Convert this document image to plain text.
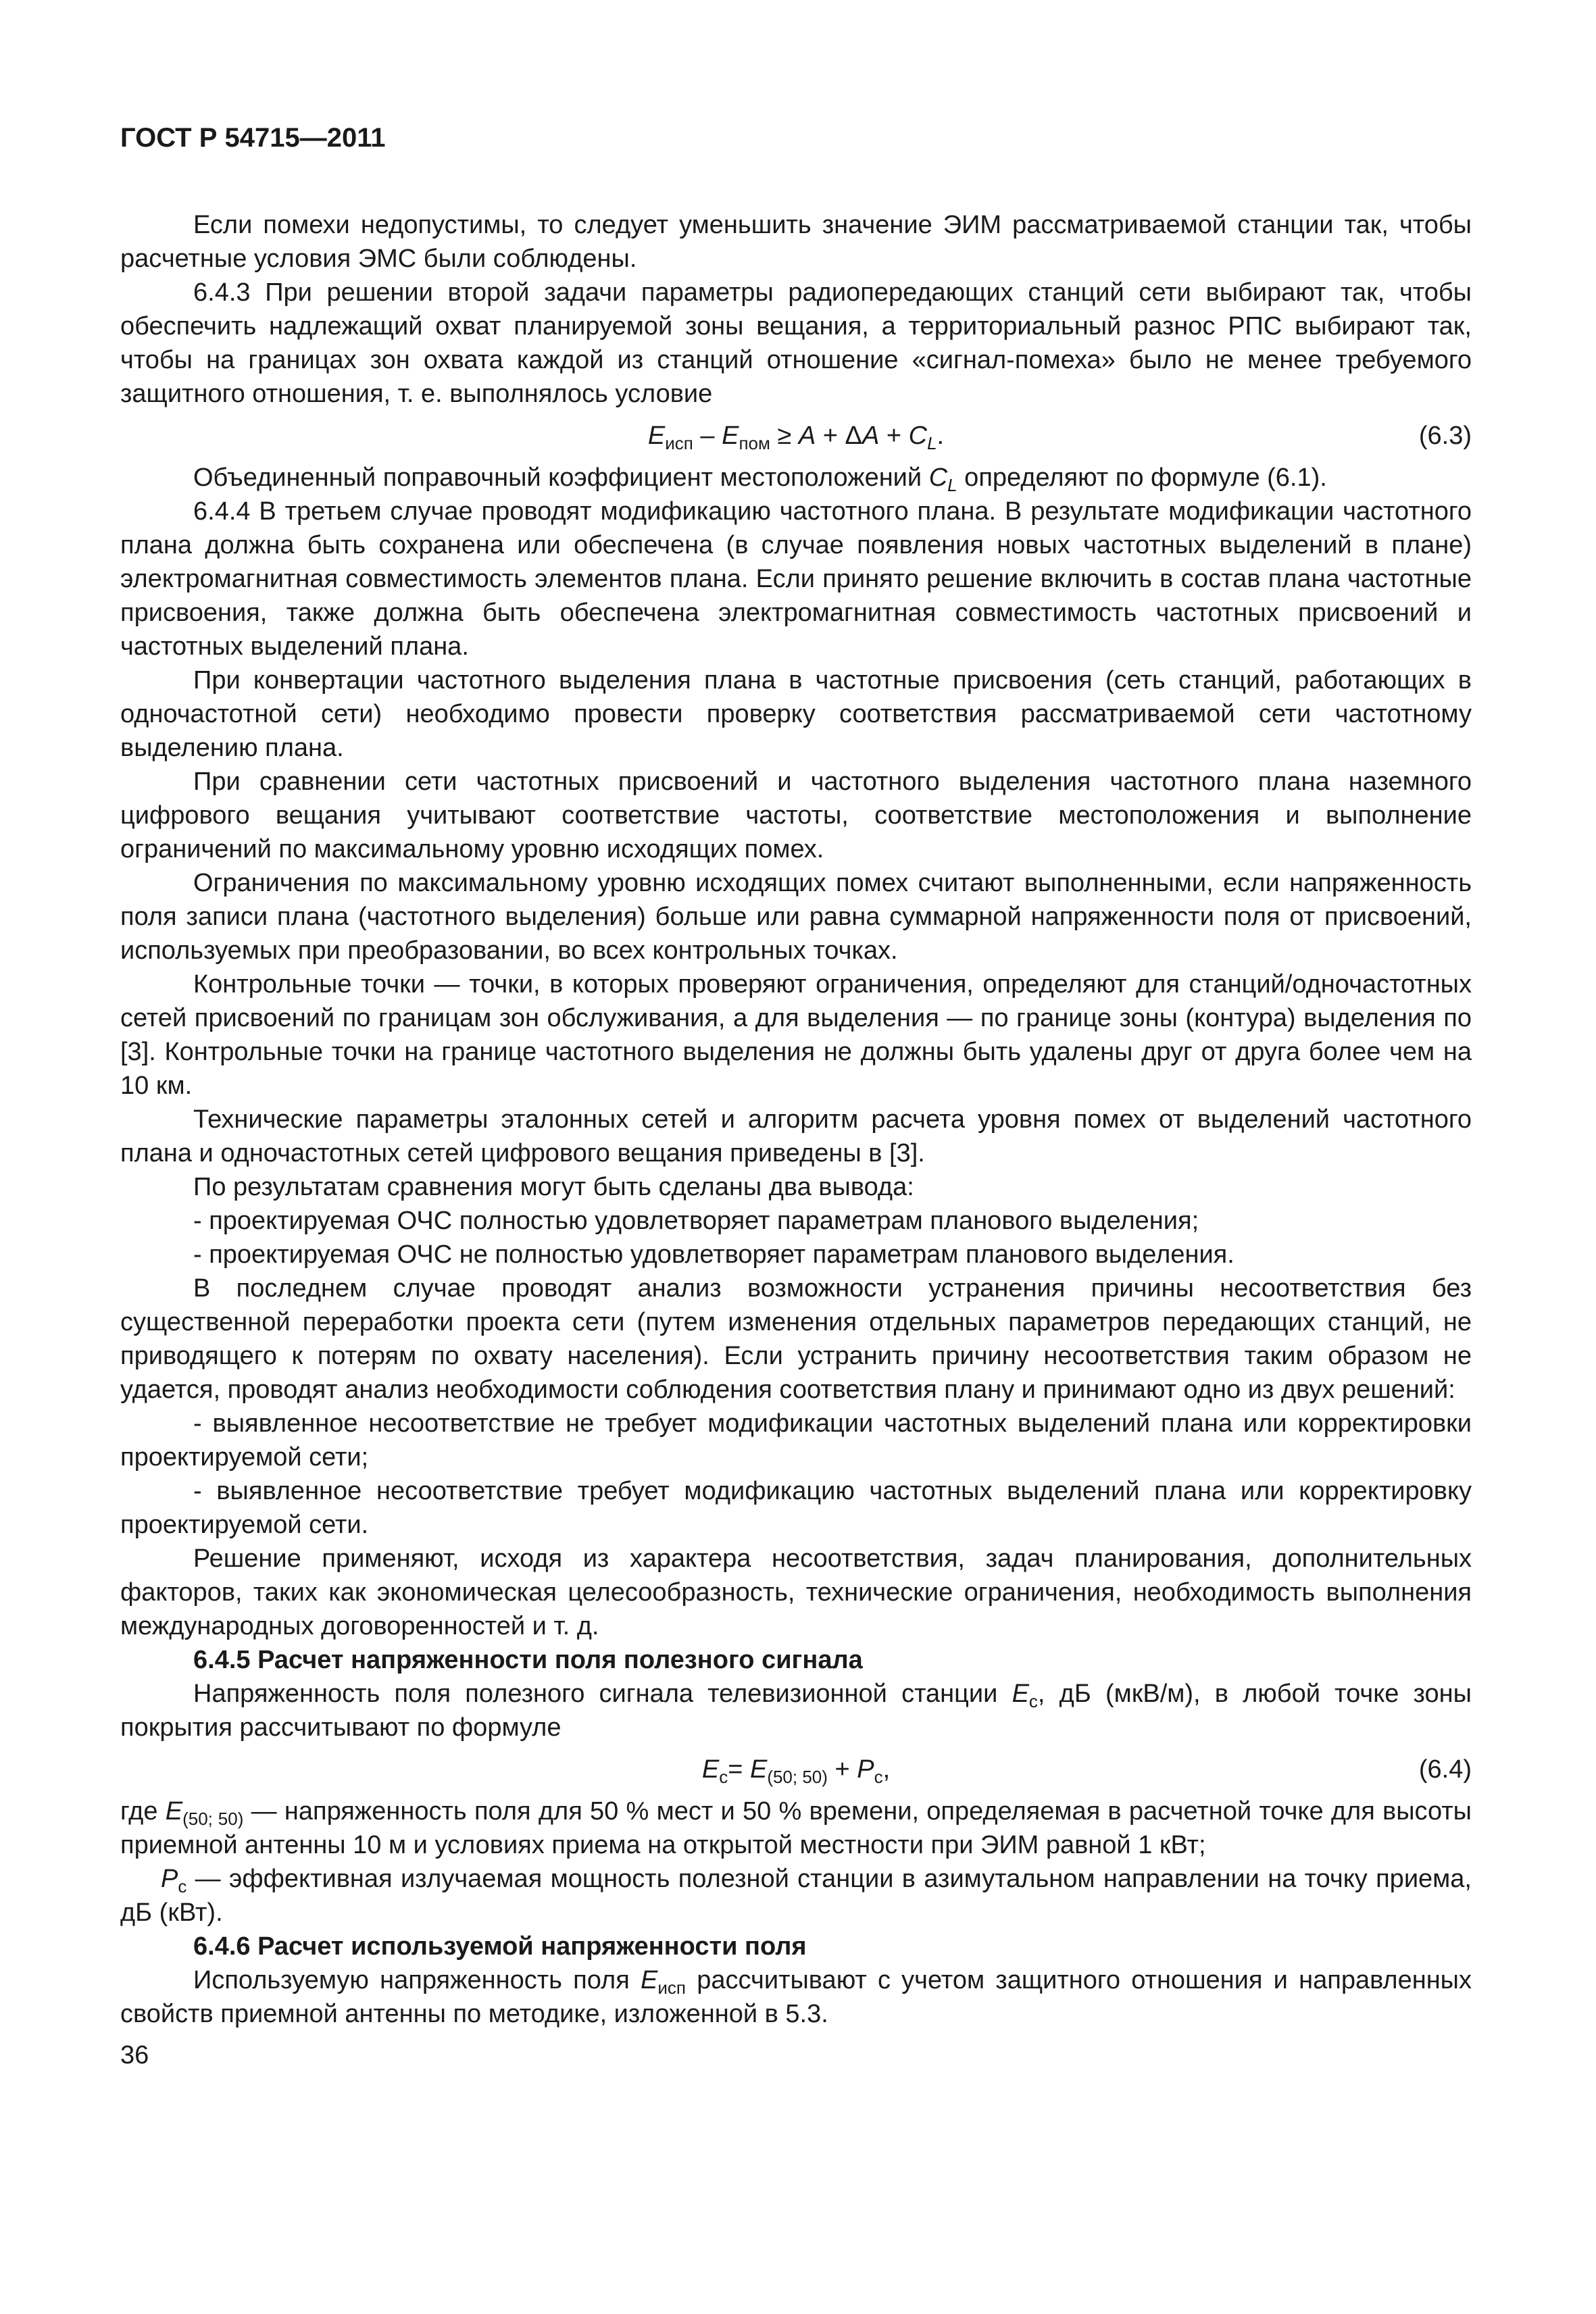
ГОСТ Р 54715—2011

Если помехи недопустимы, то следует уменьшить значение ЭИМ рассматриваемой станции так, чтобы расчетные условия ЭМС были соблюдены.

6.4.3 При решении второй задачи параметры радиопередающих станций сети выбирают так, чтобы обеспечить надлежащий охват планируемой зоны вещания, а территориальный разнос РПС выбирают так, чтобы на границах зон охвата каждой из станций отношение «сигнал-помеха» было не менее требуемого защитного отношения, т. е. выполнялось условие

$E_{исп} - E_{пом} \ge A + \Delta A + C_L$.	(6.3)

Объединенный поправочный коэффициент местоположений $C_L$ определяют по формуле (6.1).

6.4.4 В третьем случае проводят модификацию частотного плана. В результате модификации частотного плана должна быть сохранена или обеспечена (в случае появления новых частотных выделений в плане) электромагнитная совместимость элементов плана. Если принято решение включить в состав плана частотные присвоения, также должна быть обеспечена электромагнитная совместимость частотных присвоений и частотных выделений плана.

При конвертации частотного выделения плана в частотные присвоения (сеть станций, работающих в одночастотной сети) необходимо провести проверку соответствия рассматриваемой сети частотному выделению плана.

При сравнении сети частотных присвоений и частотного выделения частотного плана наземного цифрового вещания учитывают соответствие частоты, соответствие местоположения и выполнение ограничений по максимальному уровню исходящих помех.

Ограничения по максимальному уровню исходящих помех считают выполненными, если напряженность поля записи плана (частотного выделения) больше или равна суммарной напряженности поля от присвоений, используемых при преобразовании, во всех контрольных точках.

Контрольные точки — точки, в которых проверяют ограничения, определяют для станций/одночастотных сетей присвоений по границам зон обслуживания, а для выделения — по границе зоны (контура) выделения по [3]. Контрольные точки на границе частотного выделения не должны быть удалены друг от друга более чем на 10 км.

Технические параметры эталонных сетей и алгоритм расчета уровня помех от выделений частотного плана и одночастотных сетей цифрового вещания приведены в [3].

По результатам сравнения могут быть сделаны два вывода:

- проектируемая ОЧС полностью удовлетворяет параметрам планового выделения;

- проектируемая ОЧС не полностью удовлетворяет параметрам планового выделения.

В последнем случае проводят анализ возможности устранения причины несоответствия без существенной переработки проекта сети (путем изменения отдельных параметров передающих станций, не приводящего к потерям по охвату населения). Если устранить причину несоответствия таким образом не удается, проводят анализ необходимости соблюдения соответствия плану и принимают одно из двух решений:

- выявленное несоответствие не требует модификации частотных выделений плана или корректировки проектируемой сети;

- выявленное несоответствие требует модификацию частотных выделений плана или корректировку проектируемой сети.

Решение применяют, исходя из характера несоответствия, задач планирования, дополнительных факторов, таких как экономическая целесообразность, технические ограничения, необходимость выполнения международных договоренностей и т. д.

6.4.5 Расчет напряженности поля полезного сигнала

Напряженность поля полезного сигнала телевизионной станции $E_c$, дБ (мкВ/м), в любой точке зоны покрытия рассчитывают по формуле

$E_c= E_{(50; 50)} + P_c$,	(6.4)

где $E_{(50; 50)}$ — напряженность поля для 50 % мест и 50 % времени, определяемая в расчетной точке для высоты приемной антенны 10 м и условиях приема на открытой местности при ЭИМ равной 1 кВт;

$P_c$ — эффективная излучаемая мощность полезной станции в азимутальном направлении на точку приема, дБ (кВт).

6.4.6 Расчет используемой напряженности поля

Используемую напряженность поля $E_{исп}$ рассчитывают с учетом защитного отношения и направленных свойств приемной антенны по методике, изложенной в 5.3.

36
